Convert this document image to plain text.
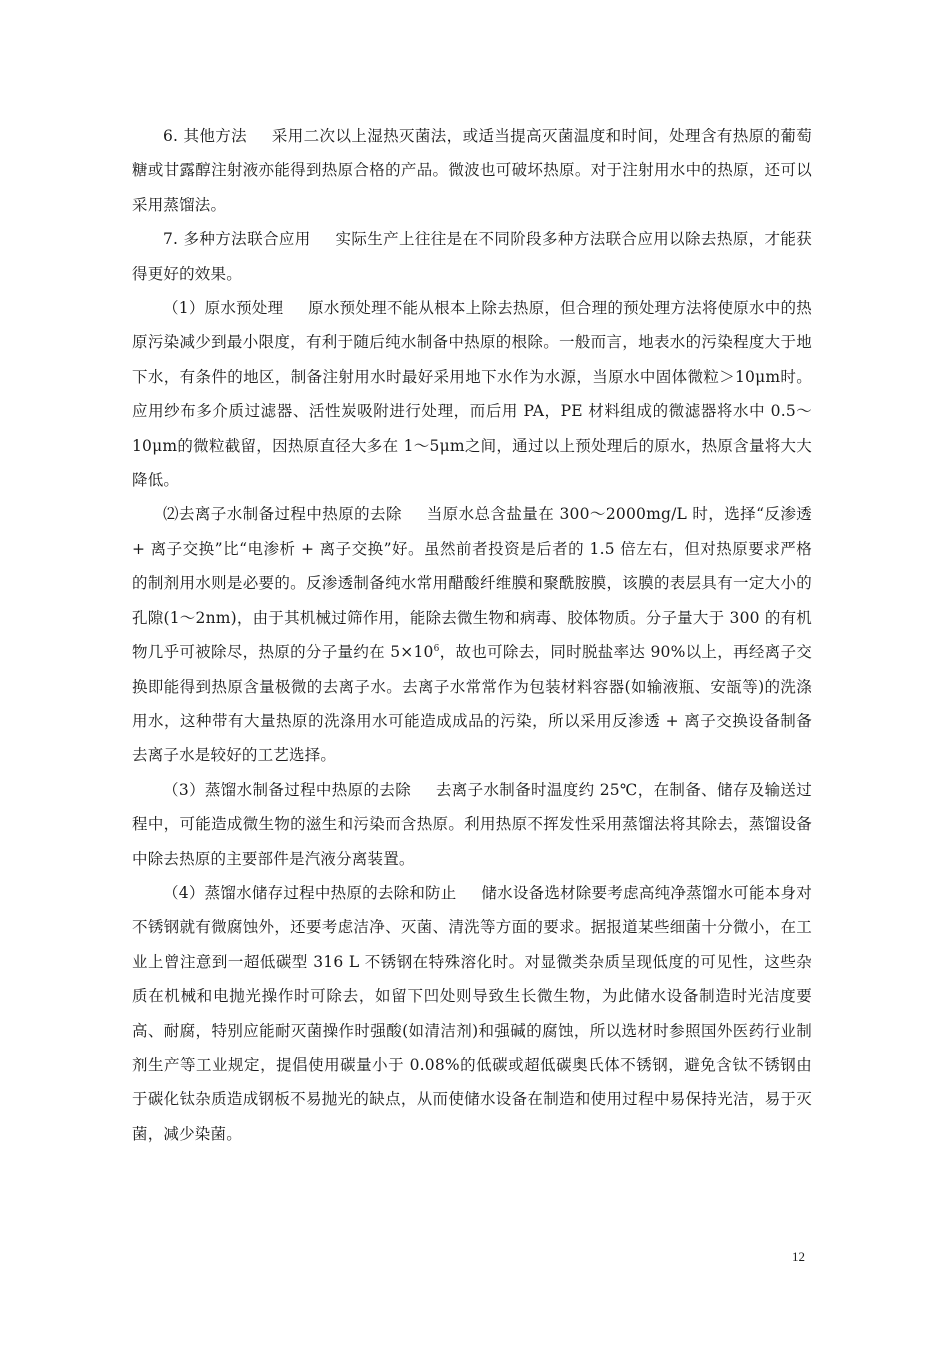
6. 其他方法 采用二次以上湿热灭菌法，或适当提高灭菌温度和时间，处理含有热原的葡萄糖或甘露醇注射液亦能得到热原合格的产品。微波也可破坏热原。对于注射用水中的热原，还可以采用蒸馏法。

7. 多种方法联合应用 实际生产上往往是在不同阶段多种方法联合应用以除去热原，才能获得更好的效果。

（1）原水预处理 原水预处理不能从根本上除去热原，但合理的预处理方法将使原水中的热原污染减少到最小限度，有利于随后纯水制备中热原的根除。一般而言，地表水的污染程度大于地下水，有条件的地区，制备注射用水时最好采用地下水作为水源，当原水中固体微粒＞10μm时。应用纱布多介质过滤器、活性炭吸附进行处理，而后用 PA，PE 材料组成的微滤器将水中 0.5～10μm的微粒截留，因热原直径大多在 1～5μm之间，通过以上预处理后的原水，热原含量将大大降低。

⑵去离子水制备过程中热原的去除 当原水总含盐量在 300～2000mg/L 时，选择“反渗透 + 离子交换”比“电渗析 + 离子交换”好。虽然前者投资是后者的 1.5 倍左右，但对热原要求严格的制剂用水则是必要的。反渗透制备纯水常用醋酸纤维膜和聚酰胺膜，该膜的表层具有一定大小的孔隙(1～2nm)，由于其机械过筛作用，能除去微生物和病毒、胶体物质。分子量大于 300 的有机物几乎可被除尽，热原的分子量约在 $5\times 10^6$，故也可除去，同时脱盐率达 90%以上，再经离子交换即能得到热原含量极微的去离子水。去离子水常常作为包装材料容器(如输液瓶、安瓿等)的洗涤用水，这种带有大量热原的洗涤用水可能造成成品的污染，所以采用反渗透 + 离子交换设备制备去离子水是较好的工艺选择。

（3）蒸馏水制备过程中热原的去除 去离子水制备时温度约 25℃，在制备、储存及输送过程中，可能造成微生物的滋生和污染而含热原。利用热原不挥发性采用蒸馏法将其除去，蒸馏设备中除去热原的主要部件是汽液分离装置。

（4）蒸馏水储存过程中热原的去除和防止 储水设备选材除要考虑高纯净蒸馏水可能本身对不锈钢就有微腐蚀外，还要考虑洁净、灭菌、清洗等方面的要求。据报道某些细菌十分微小，在工业上曾注意到一超低碳型 316 L 不锈钢在特殊溶化时。对显微类杂质呈现低度的可见性，这些杂质在机械和电抛光操作时可除去，如留下凹处则导致生长微生物，为此储水设备制造时光洁度要高、耐腐，特别应能耐灭菌操作时强酸(如清洁剂)和强碱的腐蚀，所以选材时参照国外医药行业制剂生产等工业规定，提倡使用碳量小于 0.08%的低碳或超低碳奥氏体不锈钢，避免含钛不锈钢由于碳化钛杂质造成钢板不易抛光的缺点，从而使储水设备在制造和使用过程中易保持光洁，易于灭菌，减少染菌。

12
